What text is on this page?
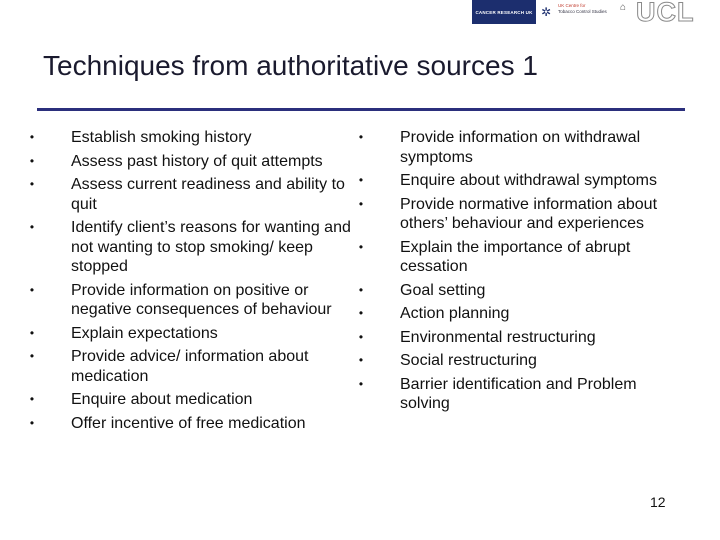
CANCER RESEARCH UK ✲	UK Centre for
Tobacco Control Studies	⌂ UCL
Techniques from authoritative sources 1
• Establish smoking history
• Assess past history of quit attempts
• Assess current readiness and ability to quit
• Identify client’s reasons for wanting and not wanting to stop smoking/ keep stopped
• Provide information on positive or negative consequences of behaviour
• Explain expectations
• Provide advice/ information about medication
• Enquire about medication
• Offer incentive of free medication
• Provide information on withdrawal symptoms
• Enquire about withdrawal symptoms
• Provide normative information about others’ behaviour and experiences
• Explain the importance of abrupt cessation
• Goal setting
• Action planning
• Environmental restructuring
• Social restructuring
• Barrier identification and Problem solving
12
